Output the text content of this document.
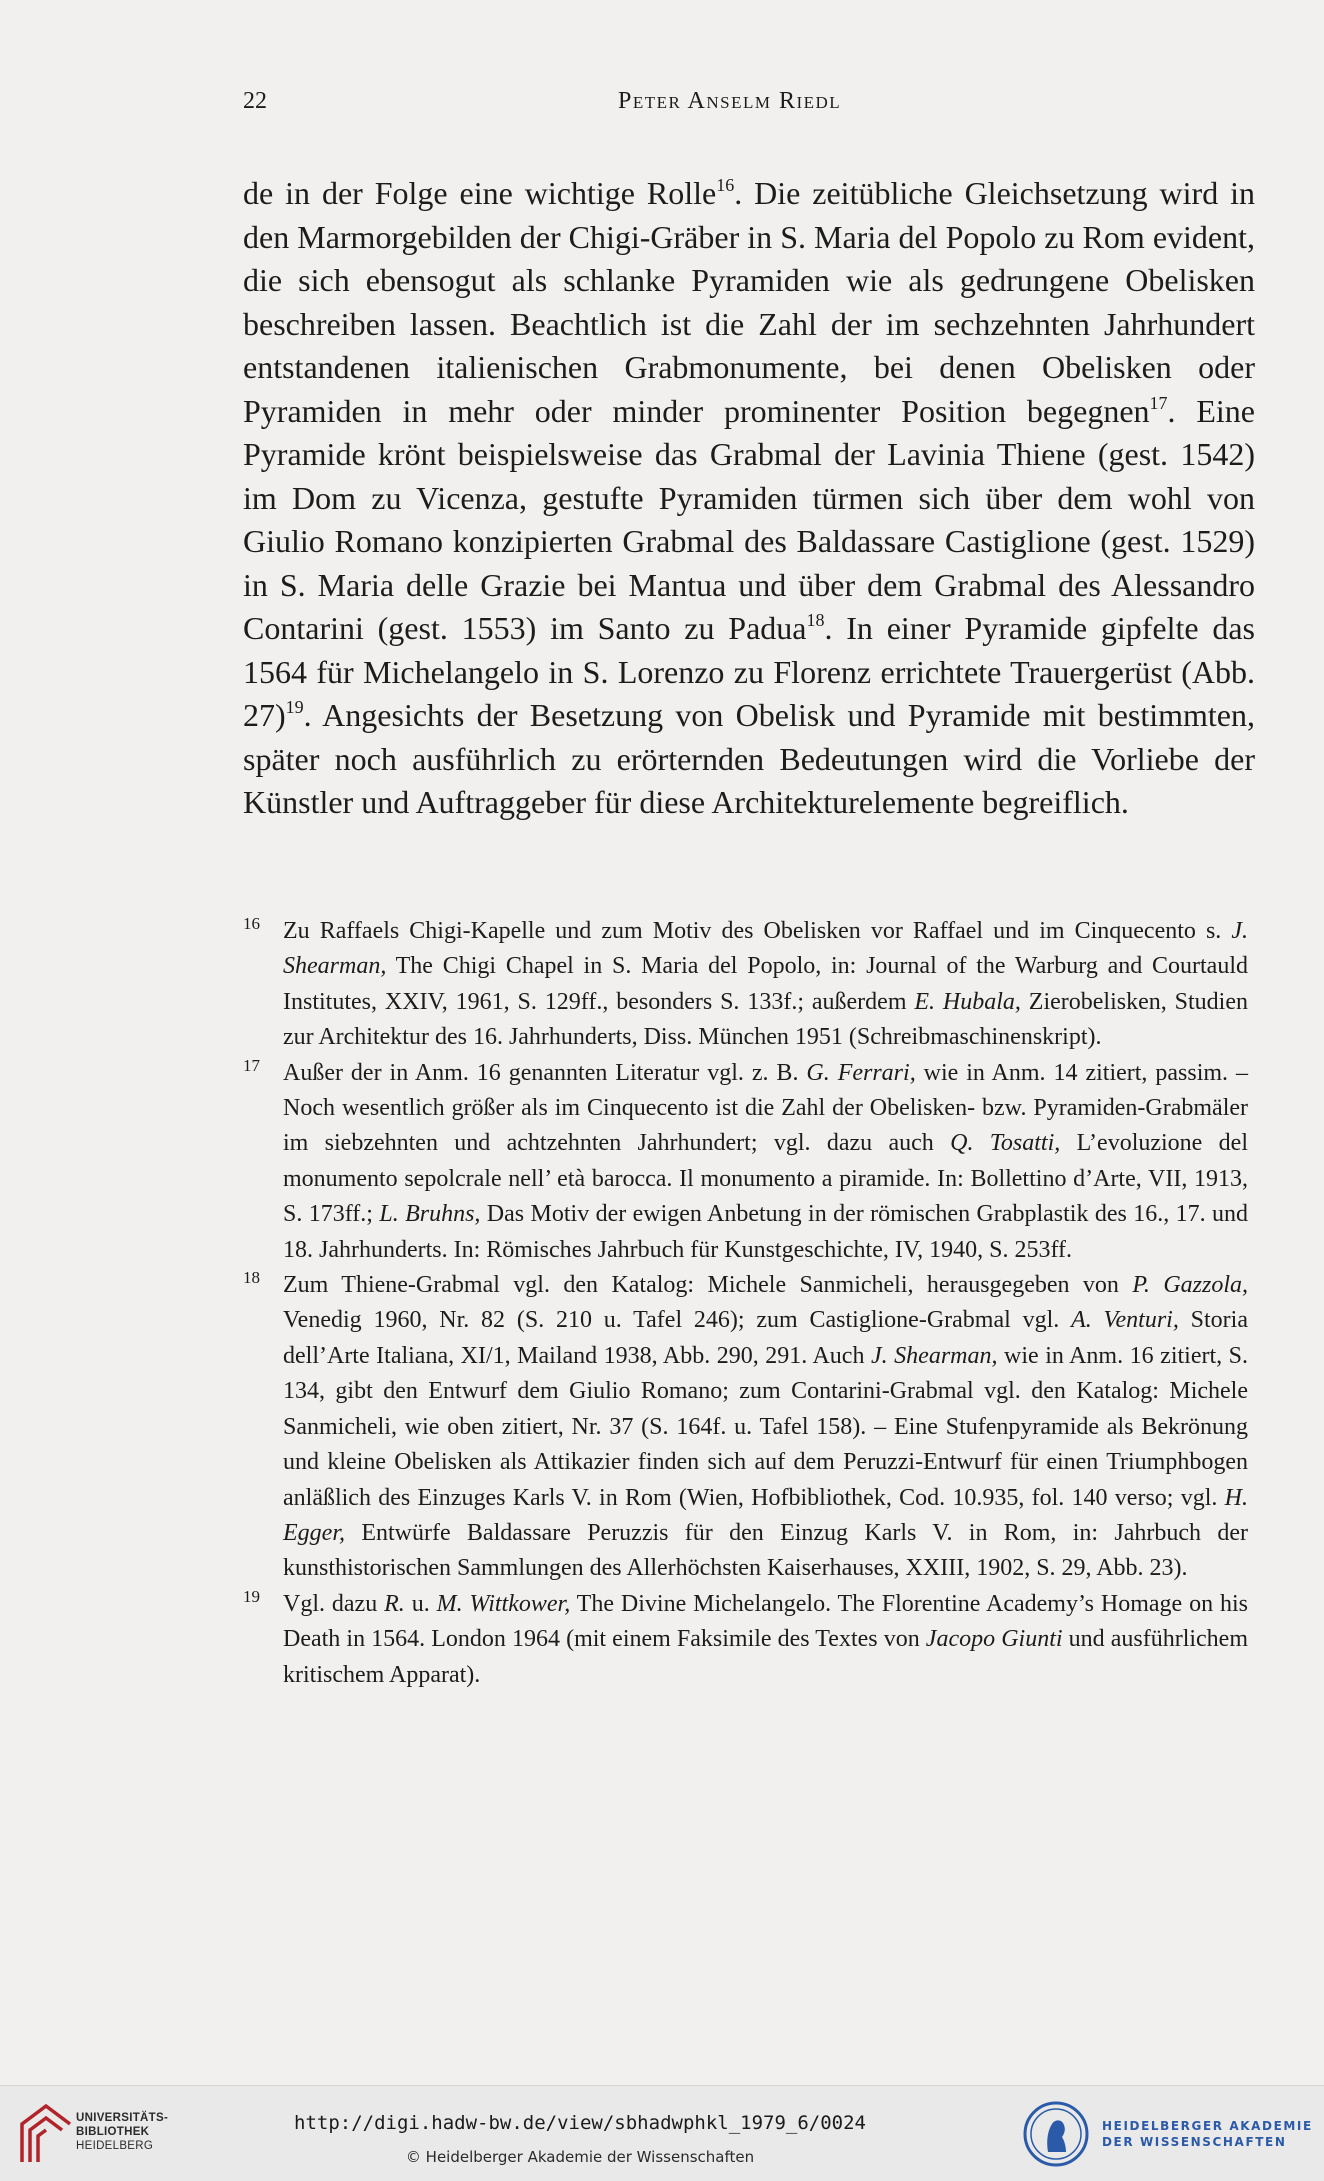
22	Peter Anselm Riedl

de in der Folge eine wichtige Rolle$^{16}$. Die zeitübliche Gleichsetzung wird in den Marmorgebilden der Chigi-Gräber in S. Maria del Popolo zu Rom evident, die sich ebensogut als schlanke Pyramiden wie als gedrungene Obelisken beschreiben lassen. Beachtlich ist die Zahl der im sechzehnten Jahrhundert entstandenen italienischen Grabmonumente, bei denen Obelisken oder Pyramiden in mehr oder minder prominenter Position begegnen$^{17}$. Eine Pyramide krönt beispielsweise das Grabmal der Lavinia Thiene (gest. 1542) im Dom zu Vicenza, gestufte Pyramiden türmen sich über dem wohl von Giulio Romano konzipierten Grabmal des Baldassare Castiglione (gest. 1529) in S. Maria delle Grazie bei Mantua und über dem Grabmal des Alessandro Contarini (gest. 1553) im Santo zu Padua$^{18}$. In einer Pyramide gipfelte das 1564 für Michelangelo in S. Lorenzo zu Florenz errichtete Trauergerüst (Abb. 27)$^{19}$. Angesichts der Besetzung von Obelisk und Pyramide mit bestimmten, später noch ausführlich zu erörternden Bedeutungen wird die Vorliebe der Künstler und Auftraggeber für diese Architekturelemente begreiflich.

16 Zu Raffaels Chigi-Kapelle und zum Motiv des Obelisken vor Raffael und im Cinquecento s. J. Shearman, The Chigi Chapel in S. Maria del Popolo, in: Journal of the Warburg and Courtauld Institutes, XXIV, 1961, S. 129ff., besonders S. 133f.; außerdem E. Hubala, Zierobelisken, Studien zur Architektur des 16. Jahrhunderts, Diss. München 1951 (Schreibmaschinenskript).

17 Außer der in Anm. 16 genannten Literatur vgl. z. B. G. Ferrari, wie in Anm. 14 zitiert, passim. – Noch wesentlich größer als im Cinquecento ist die Zahl der Obelisken- bzw. Pyramiden-Grabmäler im siebzehnten und achtzehnten Jahrhundert; vgl. dazu auch Q. Tosatti, L’evoluzione del monumento sepolcrale nell’ età barocca. Il monumento a piramide. In: Bollettino d’Arte, VII, 1913, S. 173ff.; L. Bruhns, Das Motiv der ewigen Anbetung in der römischen Grabplastik des 16., 17. und 18. Jahrhunderts. In: Römisches Jahrbuch für Kunstgeschichte, IV, 1940, S. 253ff.

18 Zum Thiene-Grabmal vgl. den Katalog: Michele Sanmicheli, herausgegeben von P. Gazzola, Venedig 1960, Nr. 82 (S. 210 u. Tafel 246); zum Castiglione-Grabmal vgl. A. Venturi, Storia dell’Arte Italiana, XI/1, Mailand 1938, Abb. 290, 291. Auch J. Shearman, wie in Anm. 16 zitiert, S. 134, gibt den Entwurf dem Giulio Romano; zum Contarini-Grabmal vgl. den Katalog: Michele Sanmicheli, wie oben zitiert, Nr. 37 (S. 164f. u. Tafel 158). – Eine Stufenpyramide als Bekrönung und kleine Obelisken als Attikazier finden sich auf dem Peruzzi-Entwurf für einen Triumphbogen anläßlich des Einzuges Karls V. in Rom (Wien, Hofbibliothek, Cod. 10.935, fol. 140 verso; vgl. H. Egger, Entwürfe Baldassare Peruzzis für den Einzug Karls V. in Rom, in: Jahrbuch der kunsthistorischen Sammlungen des Allerhöchsten Kaiserhauses, XXIII, 1902, S. 29, Abb. 23).

19 Vgl. dazu R. u. M. Wittkower, The Divine Michelangelo. The Florentine Academy’s Homage on his Death in 1564. London 1964 (mit einem Faksimile des Textes von Jacopo Giunti und ausführlichem kritischem Apparat).

UNIVERSITÄTS-
BIBLIOTHEK
HEIDELBERG
http://digi.hadw-bw.de/view/sbhadwphkl_1979_6/0024
© Heidelberger Akademie der Wissenschaften
HEIDELBERGER AKADEMIE
DER WISSENSCHAFTEN
